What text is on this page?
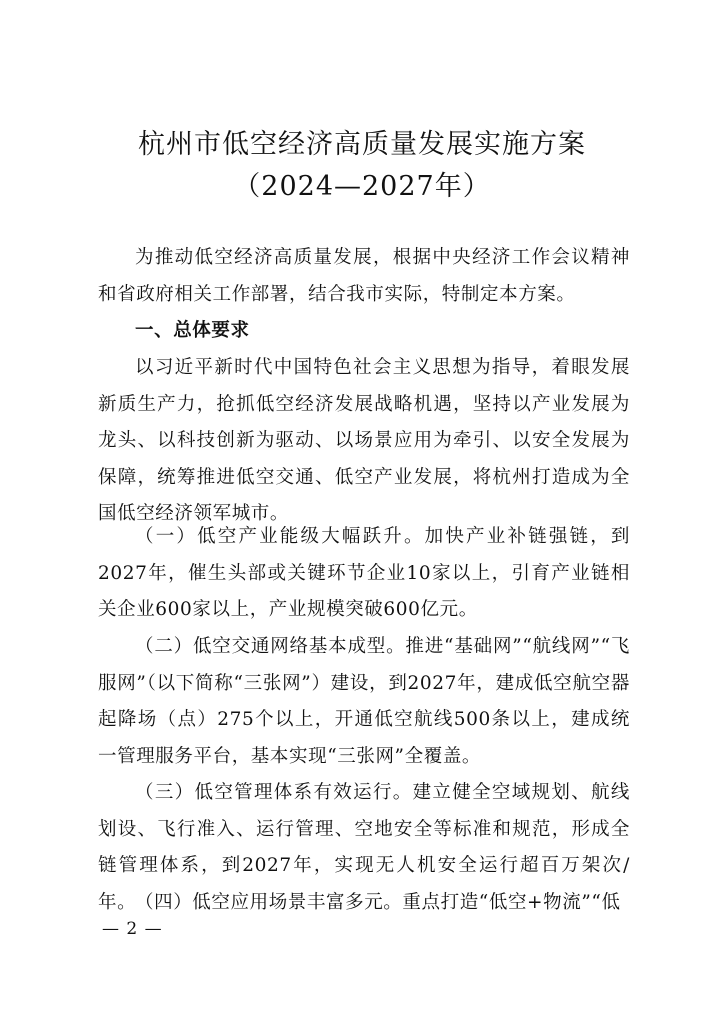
杭州市低空经济高质量发展实施方案
（2024—2027年）

为推动低空经济高质量发展，根据中央经济工作会议精神和省政府相关工作部署，结合我市实际，特制定本方案。

一、总体要求

以习近平新时代中国特色社会主义思想为指导，着眼发展新质生产力，抢抓低空经济发展战略机遇，坚持以产业发展为龙头、以科技创新为驱动、以场景应用为牵引、以安全发展为保障，统筹推进低空交通、低空产业发展，将杭州打造成为全国低空经济领军城市。

（一）低空产业能级大幅跃升。加快产业补链强链，到2027年，催生头部或关键环节企业10家以上，引育产业链相关企业600家以上，产业规模突破600亿元。

（二）低空交通网络基本成型。推进“基础网”“航线网”“飞服网”（以下简称“三张网”）建设，到2027年，建成低空航空器起降场（点）275个以上，开通低空航线500条以上，建成统一管理服务平台，基本实现“三张网”全覆盖。

（三）低空管理体系有效运行。建立健全空域规划、航线划设、飞行准入、运行管理、空地安全等标准和规范，形成全链管理体系，到2027年，实现无人机安全运行超百万架次/年。

（四）低空应用场景丰富多元。重点打造“低空+物流”“低

— 2 —
